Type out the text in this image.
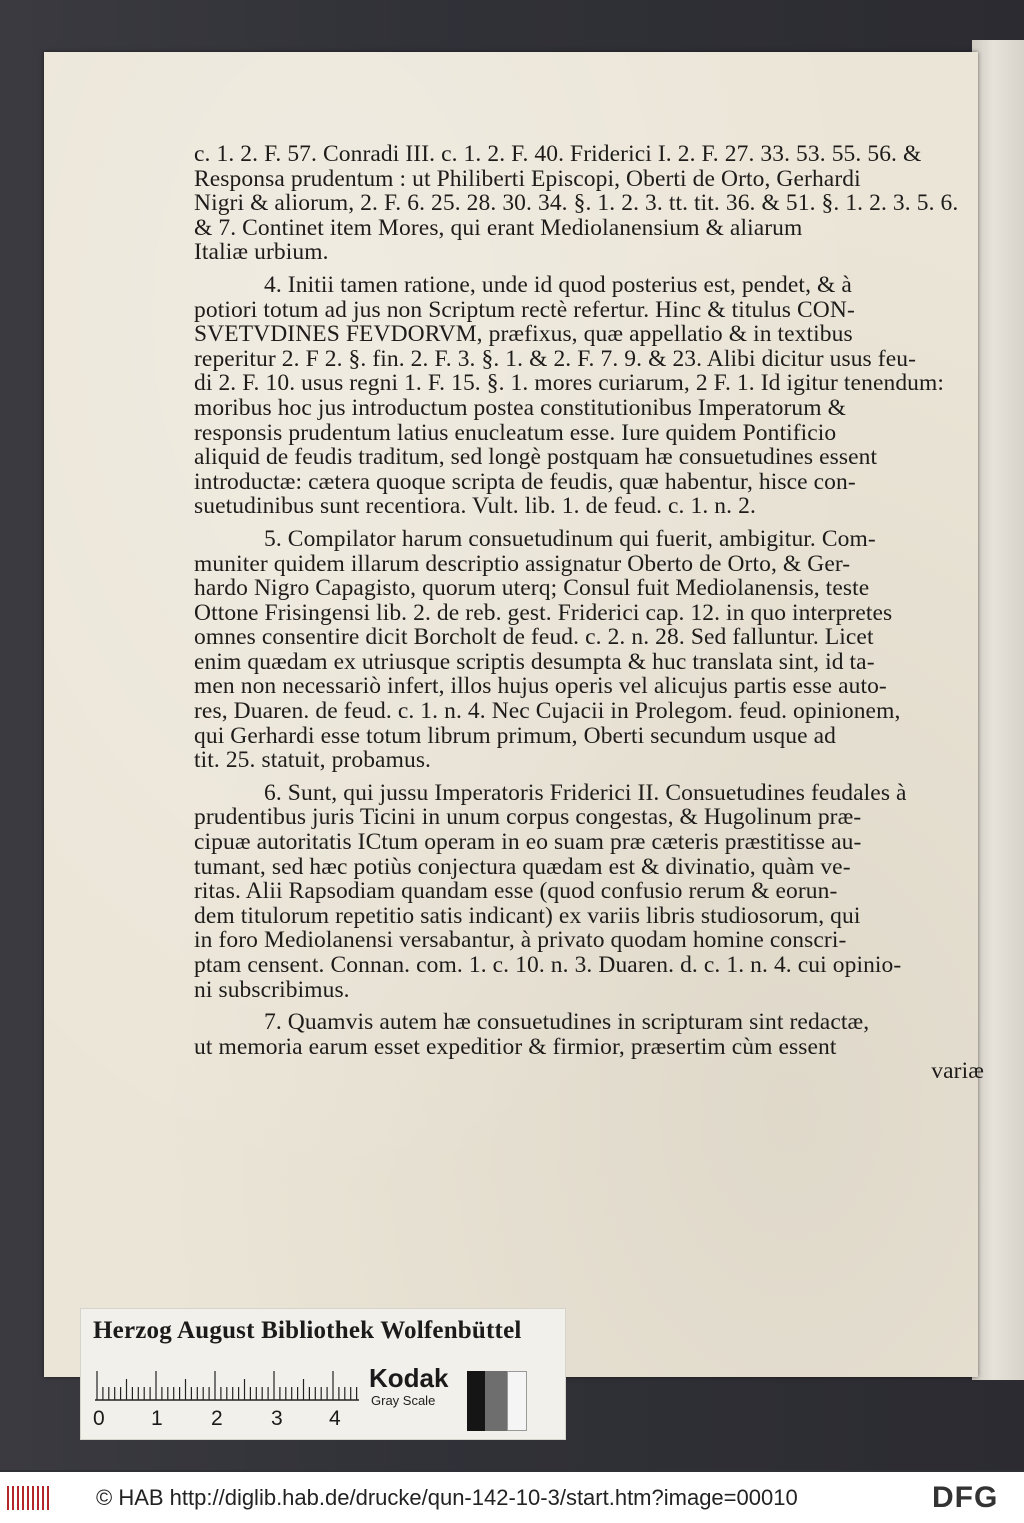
c. 1. 2. F. 57. Conradi III. c. 1. 2. F. 40. Friderici I. 2. F. 27. 33. 53. 55. 56. &
Responsa prudentum : ut Philiberti Episcopi, Oberti de Orto, Gerhardi
Nigri & aliorum, 2. F. 6. 25. 28. 30. 34. §. 1. 2. 3. tt. tit. 36. & 51. §. 1. 2. 3. 5. 6.
& 7. Continet item Mores, qui erant Mediolanensium & aliarum
Italiæ urbium.
4. Initii tamen ratione, unde id quod posterius est, pendet, & à
potiori totum ad jus non Scriptum rectè refertur. Hinc & titulus CON-
SVETVDINES FEVDORVM, præfixus, quæ appellatio & in textibus
reperitur 2. F 2. §. fin. 2. F. 3. §. 1. & 2. F. 7. 9. & 23. Alibi dicitur usus feu-
di 2. F. 10. usus regni 1. F. 15. §. 1. mores curiarum, 2 F. 1. Id igitur tenendum:
moribus hoc jus introductum postea constitutionibus Imperatorum &
responsis prudentum latius enucleatum esse. Iure quidem Pontificio
aliquid de feudis traditum, sed longè postquam hæ consuetudines essent
introductæ: cætera quoque scripta de feudis, quæ habentur, hisce con-
suetudinibus sunt recentiora. Vult. lib. 1. de feud. c. 1. n. 2.
5. Compilator harum consuetudinum qui fuerit, ambigitur. Com-
muniter quidem illarum descriptio assignatur Oberto de Orto, & Ger-
hardo Nigro Capagisto, quorum uterq; Consul fuit Mediolanensis, teste
Ottone Frisingensi lib. 2. de reb. gest. Friderici cap. 12. in quo interpretes
omnes consentire dicit Borcholt de feud. c. 2. n. 28. Sed falluntur. Licet
enim quædam ex utriusque scriptis desumpta & huc translata sint, id ta-
men non necessariò infert, illos hujus operis vel alicujus partis esse auto-
res, Duaren. de feud. c. 1. n. 4. Nec Cujacii in Prolegom. feud. opinionem,
qui Gerhardi esse totum librum primum, Oberti secundum usque ad
tit. 25. statuit, probamus.
6. Sunt, qui jussu Imperatoris Friderici II. Consuetudines feudales à
prudentibus juris Ticini in unum corpus congestas, & Hugolinum præ-
cipuæ autoritatis ICtum operam in eo suam præ cæteris præstitisse au-
tumant, sed hæc potiùs conjectura quædam est & divinatio, quàm ve-
ritas. Alii Rapsodiam quandam esse (quod confusio rerum & eorun-
dem titulorum repetitio satis indicant) ex variis libris studiosorum, qui
in foro Mediolanensi versabantur, à privato quodam homine conscri-
ptam censent. Connan. com. 1. c. 10. n. 3. Duaren. d. c. 1. n. 4. cui opinio-
ni subscribimus.
7. Quamvis autem hæ consuetudines in scripturam sint redactæ,
ut memoria earum esset expeditior & firmior, præsertim cùm essent
variæ
Herzog August Bibliothek Wolfenbüttel
0 1 2 3 4
Kodak
Gray Scale
© HAB http://diglib.hab.de/drucke/qun-142-10-3/start.htm?image=00010	DFG
